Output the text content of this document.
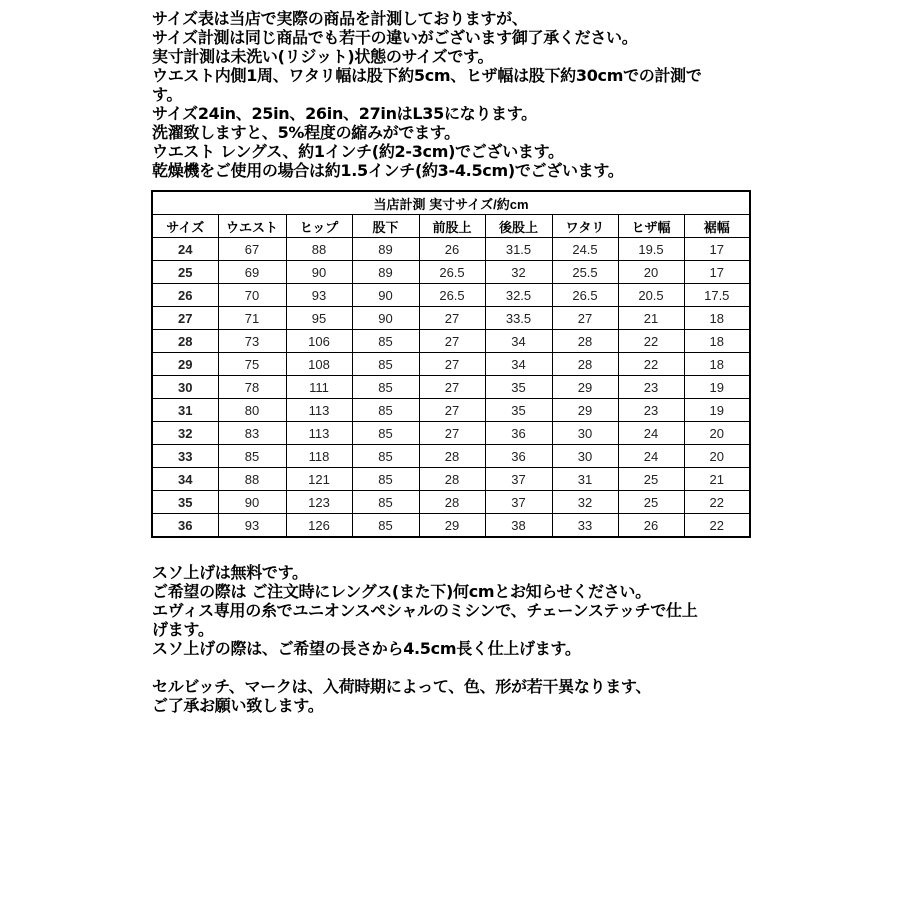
サイズ表は当店で実際の商品を計測しておりますが、
サイズ計測は同じ商品でも若干の違いがございます御了承ください。
実寸計測は未洗い(リジット)状態のサイズです。
ウエスト内側1周、ワタリ幅は股下約5cm、ヒザ幅は股下約30cmでの計測で
す。
サイズ24in、25in、26in、27inはL35になります。
洗濯致しますと、5%程度の縮みがでます。
ウエスト レングス、約1インチ(約2-3cm)でございます。
乾燥機をご使用の場合は約1.5インチ(約3-4.5cm)でございます。
当店計測 実寸サイズ/約cm								
サイズ	ウエスト	ヒップ	股下	前股上	後股上	ワタリ	ヒザ幅	裾幅
24	67	88	89	26	31.5	24.5	19.5	17
25	69	90	89	26.5	32	25.5	20	17
26	70	93	90	26.5	32.5	26.5	20.5	17.5
27	71	95	90	27	33.5	27	21	18
28	73	106	85	27	34	28	22	18
29	75	108	85	27	34	28	22	18
30	78	111	85	27	35	29	23	19
31	80	113	85	27	35	29	23	19
32	83	113	85	27	36	30	24	20
33	85	118	85	28	36	30	24	20
34	88	121	85	28	37	31	25	21
35	90	123	85	28	37	32	25	22
36	93	126	85	29	38	33	26	22
スソ上げは無料です。
ご希望の際は ご注文時にレングス(また下)何cmとお知らせください。
エヴィス専用の糸でユニオンスペシャルのミシンで、チェーンステッチで仕上
げます。
スソ上げの際は、ご希望の長さから4.5cm長く仕上げます。
セルビッチ、マークは、入荷時期によって、色、形が若干異なります、
ご了承お願い致します。
